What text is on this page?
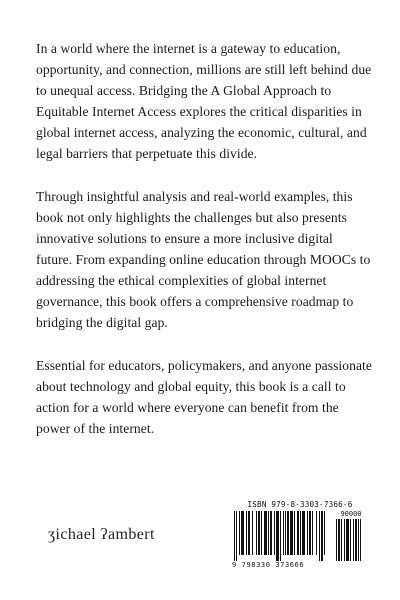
In a world where the internet is a gateway to education, opportunity, and connection, millions are still left behind due to unequal access. Bridging the A Global Approach to Equitable Internet Access explores the critical disparities in global internet access, analyzing the economic, cultural, and legal barriers that perpetuate this divide.

Through insightful analysis and real-world examples, this book not only highlights the challenges but also presents innovative solutions to ensure a more inclusive digital future. From expanding online education through MOOCs to addressing the ethical complexities of global internet governance, this book offers a comprehensive roadmap to bridging the digital gap.

Essential for educators, policymakers, and anyone passionate about technology and global equity, this book is a call to action for a world where everyone can benefit from the power of the internet.

ʒichael ʔambert
ISBN 979-8-3303-7366-6
90000
9 798330 373666
